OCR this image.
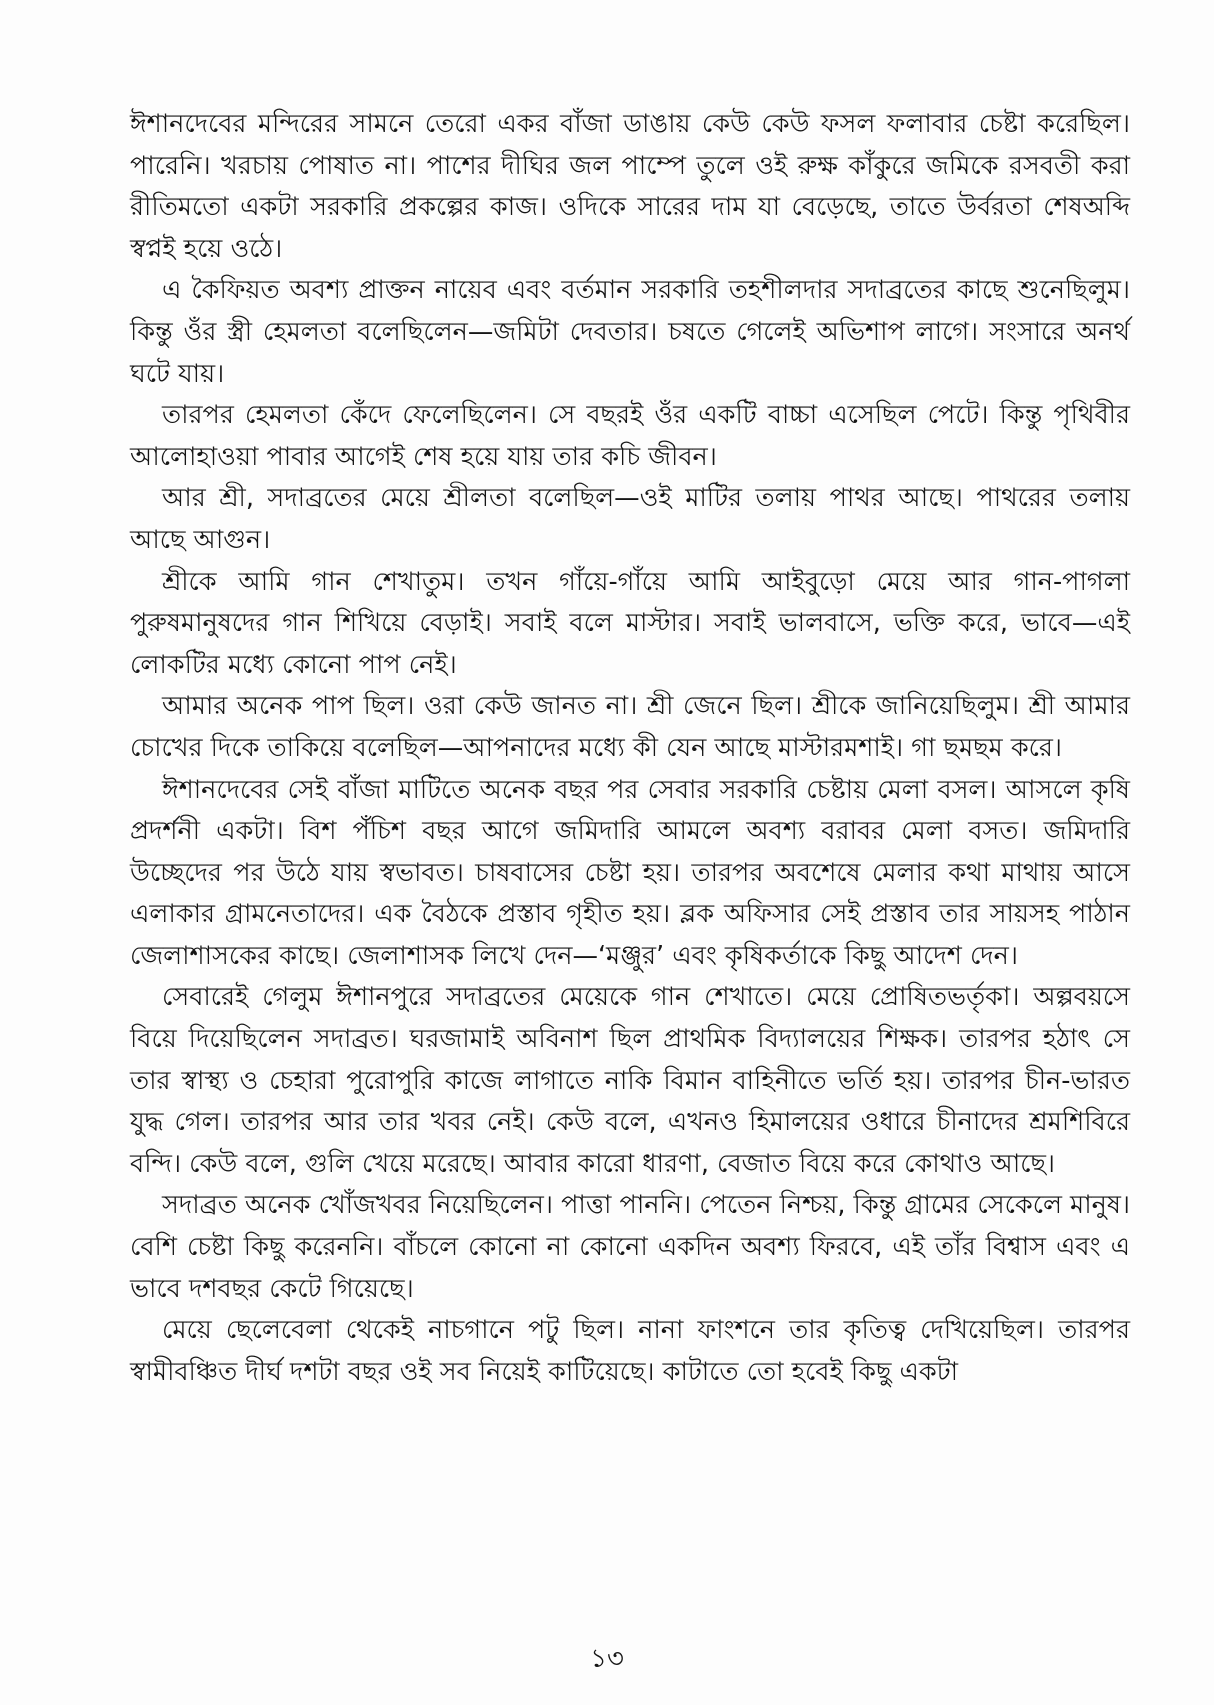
ঈশানদেবের মন্দিরের সামনে তেরো একর বাঁজা ডাঙায় কেউ কেউ ফসল ফলাবার চেষ্টা করেছিল। পারেনি। খরচায় পোষাত না। পাশের দীঘির জল পাম্পে তুলে ওই রুক্ষ কাঁকুরে জমিকে রসবতী করা রীতিমতো একটা সরকারি প্রকল্পের কাজ। ওদিকে সারের দাম যা বেড়েছে, তাতে উর্বরতা শেষঅব্দি স্বপ্নই হয়ে ওঠে।

এ কৈফিয়ত অবশ্য প্রাক্তন নায়েব এবং বর্তমান সরকারি তহশীলদার সদাব্রতের কাছে শুনেছিলুম। কিন্তু ওঁর স্ত্রী হেমলতা বলেছিলেন—জমিটা দেবতার। চষতে গেলেই অভিশাপ লাগে। সংসারে অনর্থ ঘটে যায়।

তারপর হেমলতা কেঁদে ফেলেছিলেন। সে বছরই ওঁর একটি বাচ্চা এসেছিল পেটে। কিন্তু পৃথিবীর আলোহাওয়া পাবার আগেই শেষ হয়ে যায় তার কচি জীবন।

আর শ্রী, সদাব্রতের মেয়ে শ্রীলতা বলেছিল—ওই মাটির তলায় পাথর আছে। পাথরের তলায় আছে আগুন।

শ্রীকে আমি গান শেখাতুম। তখন গাঁয়ে-গাঁয়ে আমি আইবুড়ো মেয়ে আর গান-পাগলা পুরুষমানুষদের গান শিখিয়ে বেড়াই। সবাই বলে মাস্টার। সবাই ভালবাসে, ভক্তি করে, ভাবে—এই লোকটির মধ্যে কোনো পাপ নেই।

আমার অনেক পাপ ছিল। ওরা কেউ জানত না। শ্রী জেনে ছিল। শ্রীকে জানিয়েছিলুম। শ্রী আমার চোখের দিকে তাকিয়ে বলেছিল—আপনাদের মধ্যে কী যেন আছে মাস্টারমশাই। গা ছমছম করে।

ঈশানদেবের সেই বাঁজা মাটিতে অনেক বছর পর সেবার সরকারি চেষ্টায় মেলা বসল। আসলে কৃষি প্রদর্শনী একটা। বিশ পঁচিশ বছর আগে জমিদারি আমলে অবশ্য বরাবর মেলা বসত। জমিদারি উচ্ছেদের পর উঠে যায় স্বভাবত। চাষবাসের চেষ্টা হয়। তারপর অবশেষে মেলার কথা মাথায় আসে এলাকার গ্রামনেতাদের। এক বৈঠকে প্রস্তাব গৃহীত হয়। ব্লক অফিসার সেই প্রস্তাব তার সায়সহ পাঠান জেলাশাসকের কাছে। জেলাশাসক লিখে দেন—‘মঞ্জুর’ এবং কৃষিকর্তাকে কিছু আদেশ দেন।

সেবারেই গেলুম ঈশানপুরে সদাব্রতের মেয়েকে গান শেখাতে। মেয়ে প্রোষিতভর্তৃকা। অল্পবয়সে বিয়ে দিয়েছিলেন সদাব্রত। ঘরজামাই অবিনাশ ছিল প্রাথমিক বিদ্যালয়ের শিক্ষক। তারপর হঠাৎ সে তার স্বাস্থ্য ও চেহারা পুরোপুরি কাজে লাগাতে নাকি বিমান বাহিনীতে ভর্তি হয়। তারপর চীন-ভারত যুদ্ধ গেল। তারপর আর তার খবর নেই। কেউ বলে, এখনও হিমালয়ের ওধারে চীনাদের শ্রমশিবিরে বন্দি। কেউ বলে, গুলি খেয়ে মরেছে। আবার কারো ধারণা, বেজাত বিয়ে করে কোথাও আছে।

সদাব্রত অনেক খোঁজখবর নিয়েছিলেন। পাত্তা পাননি। পেতেন নিশ্চয়, কিন্তু গ্রামের সেকেলে মানুষ। বেশি চেষ্টা কিছু করেননি। বাঁচলে কোনো না কোনো একদিন অবশ্য ফিরবে, এই তাঁর বিশ্বাস এবং এ ভাবে দশবছর কেটে গিয়েছে।

মেয়ে ছেলেবেলা থেকেই নাচগানে পটু ছিল। নানা ফাংশনে তার কৃতিত্ব দেখিয়েছিল। তারপর স্বামীবঞ্চিত দীর্ঘ দশটা বছর ওই সব নিয়েই কাটিয়েছে। কাটাতে তো হবেই কিছু একটা

১৩
